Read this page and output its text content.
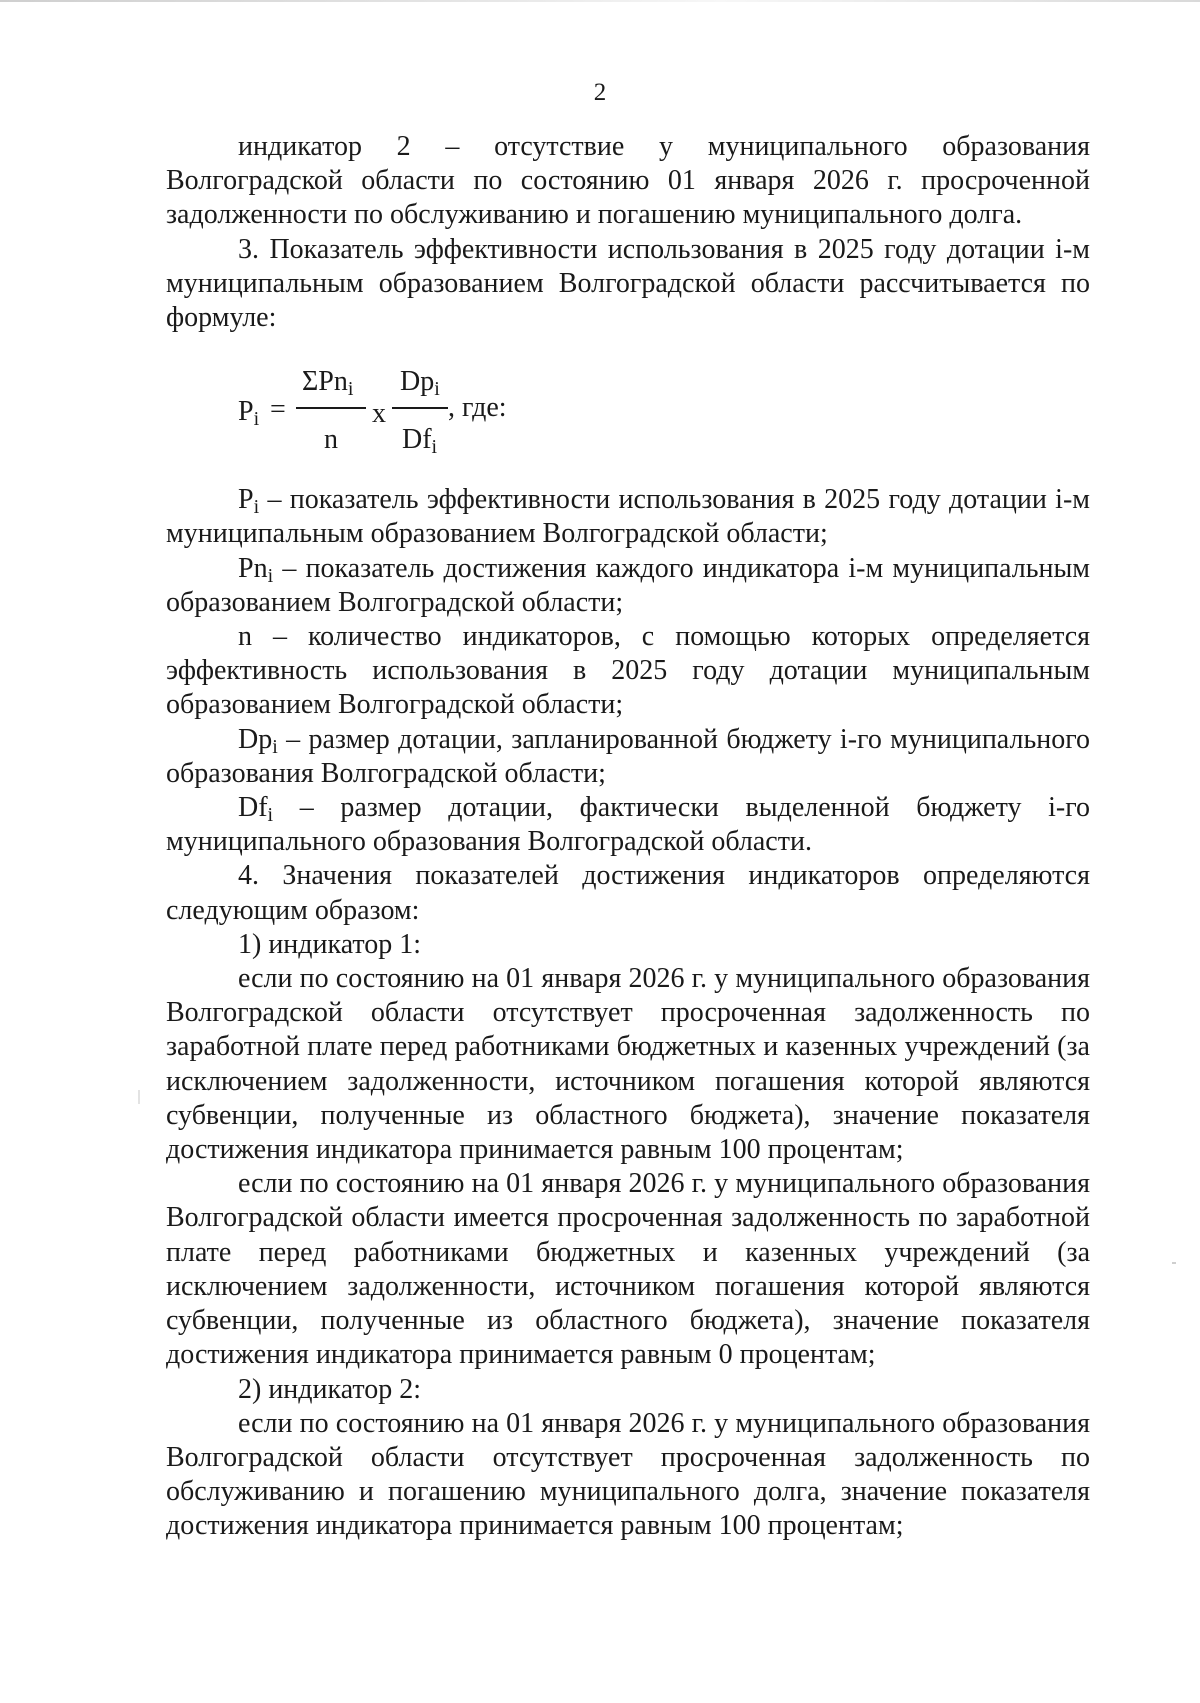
2

индикатор 2 – отсутствие у муниципального образования Волгоградской области по состоянию 01 января 2026 г. просроченной задолженности по обслуживанию и погашению муниципального долга.

3. Показатель эффективности использования в 2025 году дотации i-м муниципальным образованием Волгоградской области рассчитывается по формуле:

$P_i$ =
ΣPn$_i$
n
x
$Dp_i$
$Df_i$
, где:

$P_i$ – показатель эффективности использования в 2025 году дотации i-м муниципальным образованием Волгоградской области;

$Pn_i$ – показатель достижения каждого индикатора i-м муниципальным образованием Волгоградской области;

n – количество индикаторов, с помощью которых определяется эффективность использования в 2025 году дотации муниципальным образованием Волгоградской области;

$Dp_i$ – размер дотации, запланированной бюджету i-го муниципального образования Волгоградской области;

$Df_i$ – размер дотации, фактически выделенной бюджету i-го муниципального образования Волгоградской области.

4. Значения показателей достижения индикаторов определяются следующим образом:

1) индикатор 1:

если по состоянию на 01 января 2026 г. у муниципального образования Волгоградской области отсутствует просроченная задолженность по заработной плате перед работниками бюджетных и казенных учреждений (за исключением задолженности, источником погашения которой являются субвенции, полученные из областного бюджета), значение показателя достижения индикатора принимается равным 100 процентам;

если по состоянию на 01 января 2026 г. у муниципального образования Волгоградской области имеется просроченная задолженность по заработной плате перед работниками бюджетных и казенных учреждений (за исключением задолженности, источником погашения которой являются субвенции, полученные из областного бюджета), значение показателя достижения индикатора принимается равным 0 процентам;

2) индикатор 2:

если по состоянию на 01 января 2026 г. у муниципального образования Волгоградской области отсутствует просроченная задолженность по обслуживанию и погашению муниципального долга, значение показателя достижения индикатора принимается равным 100 процентам;
